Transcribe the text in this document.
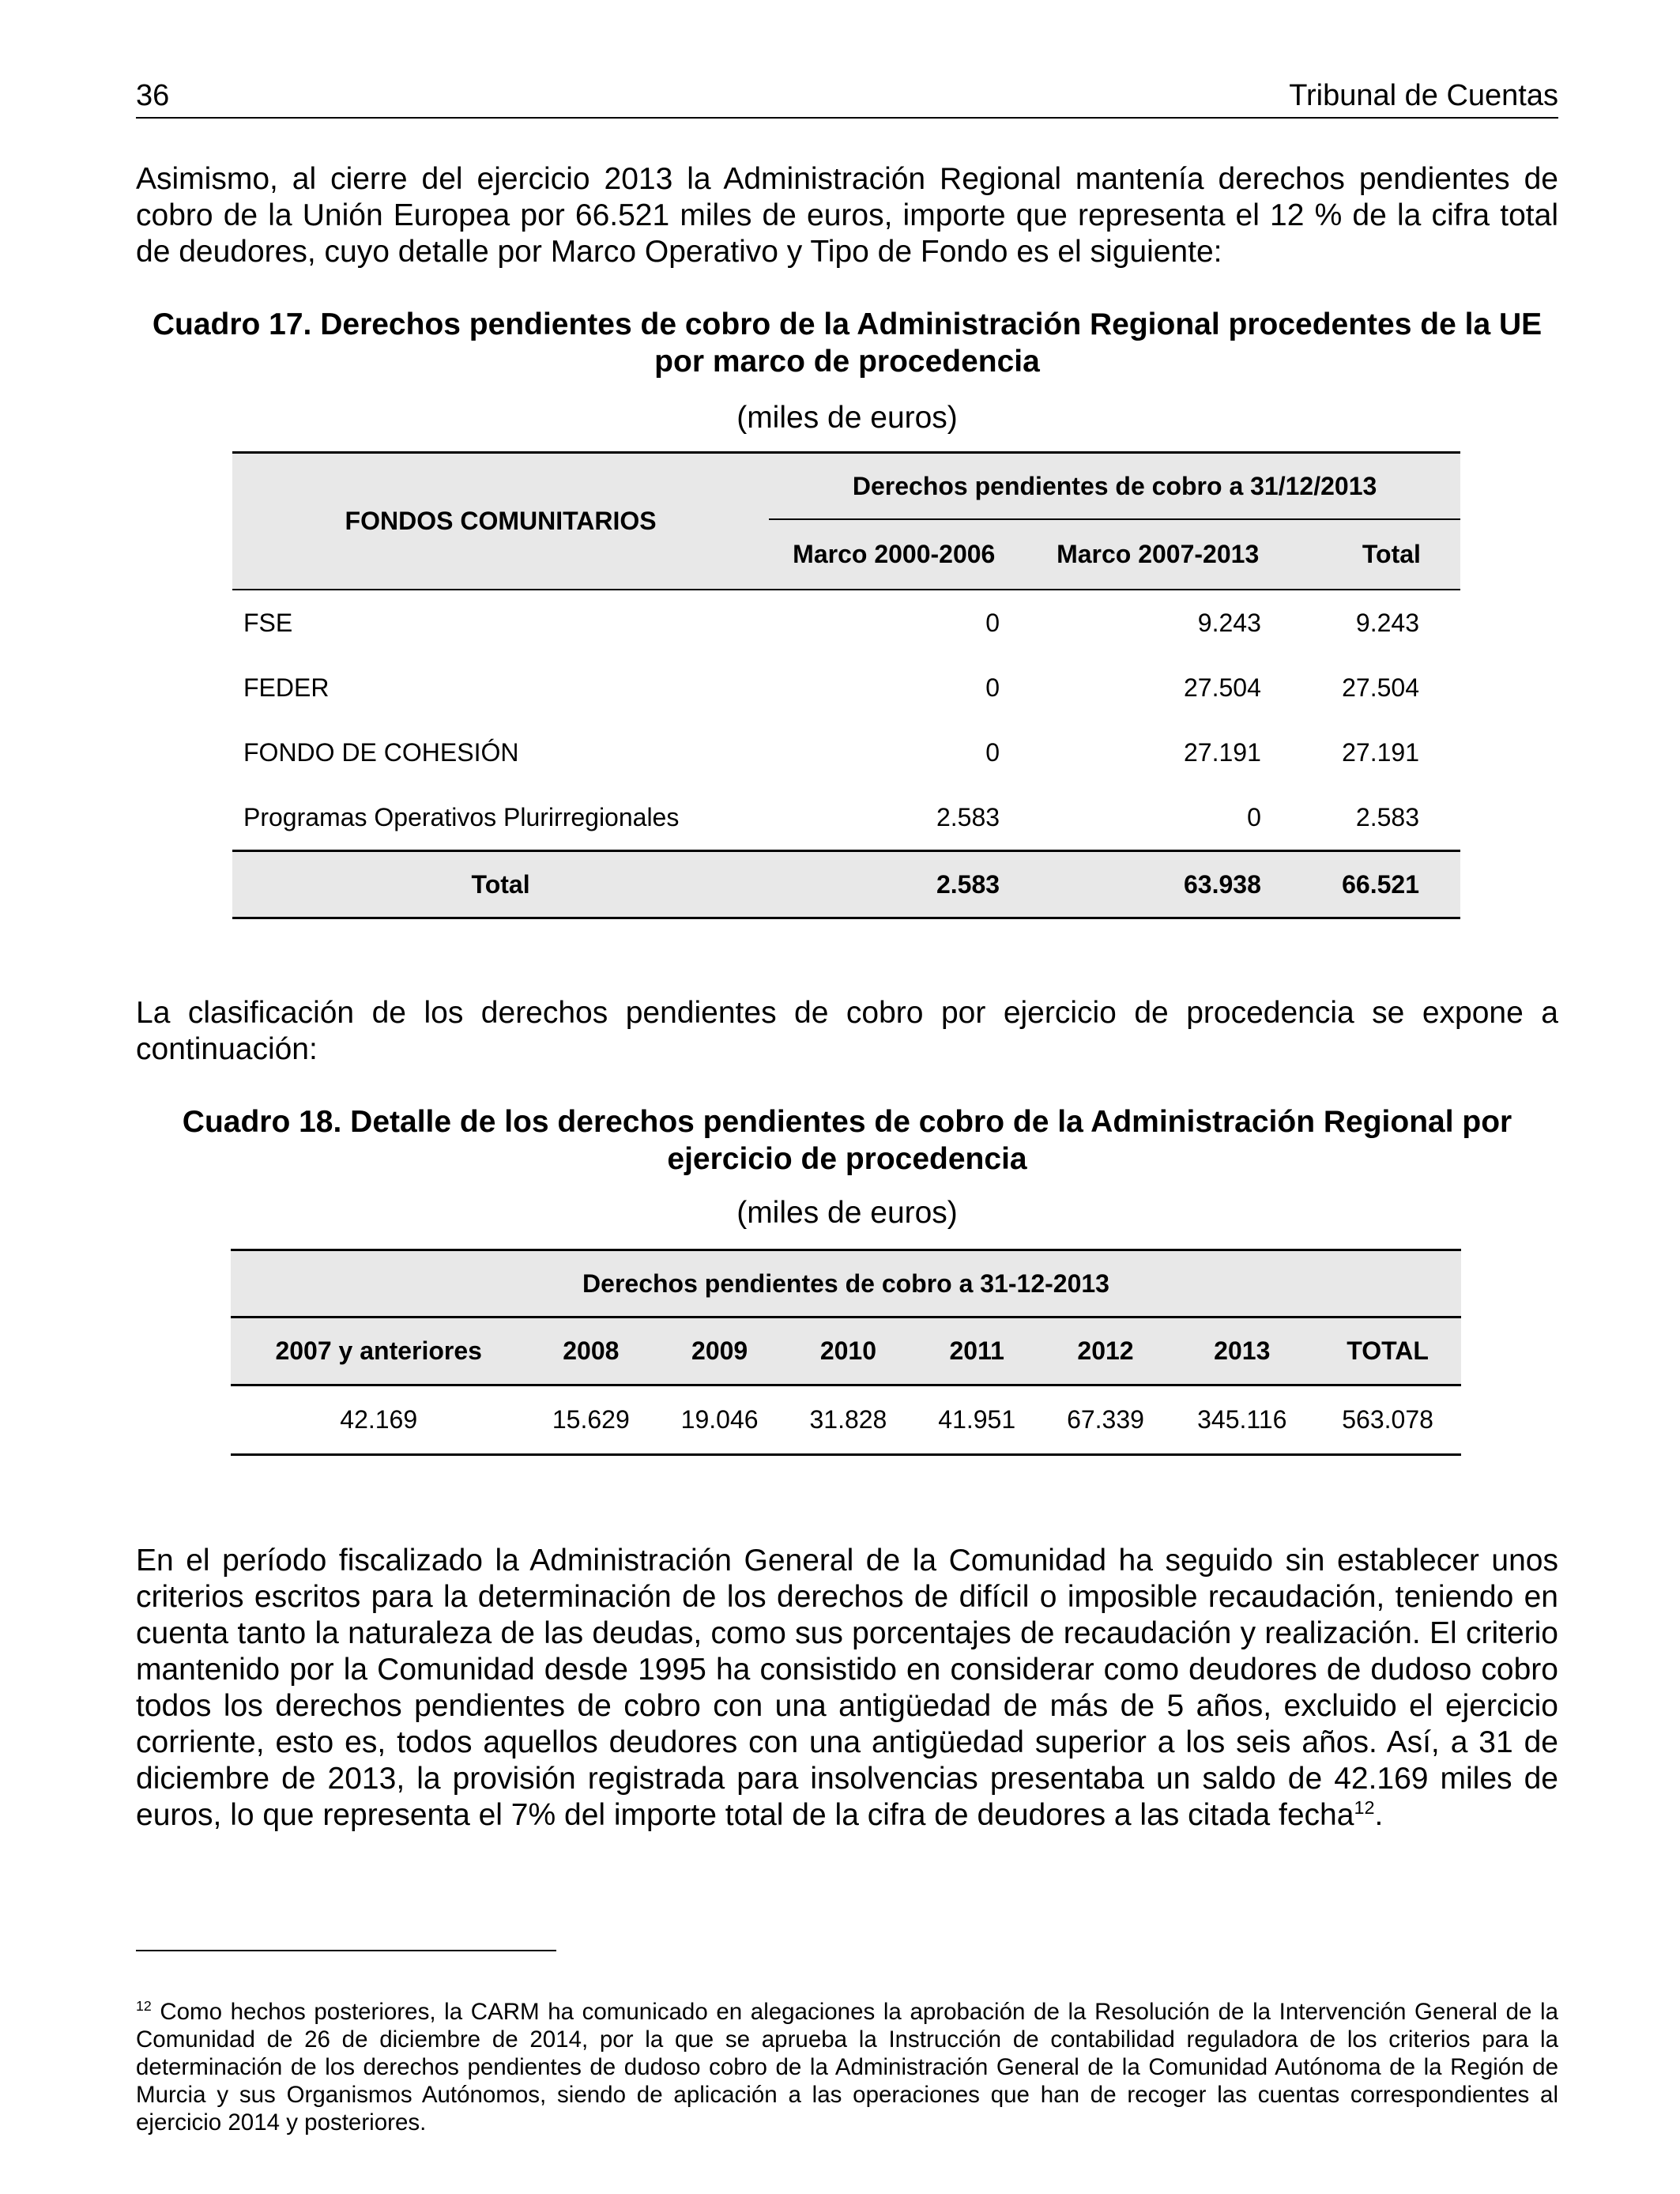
36	Tribunal de Cuentas

Asimismo, al cierre del ejercicio 2013 la Administración Regional mantenía derechos pendientes de cobro de la Unión Europea por 66.521 miles de euros, importe que representa el 12 % de la cifra total de deudores, cuyo detalle por Marco Operativo y Tipo de Fondo es el siguiente:

Cuadro 17. Derechos pendientes de cobro de la Administración Regional procedentes de la UE por marco de procedencia

(miles de euros)
FONDOS COMUNITARIOS	Derechos pendientes de cobro a 31/12/2013		
	Marco 2000-2006	Marco 2007-2013	Total
FSE	0	9.243	9.243
FEDER	0	27.504	27.504
FONDO DE COHESIÓN	0	27.191	27.191
Programas Operativos Plurirregionales	2.583	0	2.583
Total	2.583	63.938	66.521

La clasificación de los derechos pendientes de cobro por ejercicio de procedencia se expone a continuación:

Cuadro 18. Detalle de los derechos pendientes de cobro de la Administración Regional por ejercicio de procedencia

(miles de euros)
Derechos pendientes de cobro a 31-12-2013							
2007 y anteriores	2008	2009	2010	2011	2012	2013	TOTAL
42.169	15.629	19.046	31.828	41.951	67.339	345.116	563.078

En el período fiscalizado la Administración General de la Comunidad ha seguido sin establecer unos criterios escritos para la determinación de los derechos de difícil o imposible recaudación, teniendo en cuenta tanto la naturaleza de las deudas, como sus porcentajes de recaudación y realización. El criterio mantenido por la Comunidad desde 1995 ha consistido en considerar como deudores de dudoso cobro todos los derechos pendientes de cobro con una antigüedad de más de 5 años, excluido el ejercicio corriente, esto es, todos aquellos deudores con una antigüedad superior a los seis años. Así, a 31 de diciembre de 2013, la provisión registrada para insolvencias presentaba un saldo de 42.169 miles de euros, lo que representa el 7% del importe total de la cifra de deudores a las citada fecha$^{12}$.

$^{12}$ Como hechos posteriores, la CARM ha comunicado en alegaciones la aprobación de la Resolución de la Intervención General de la Comunidad de 26 de diciembre de 2014, por la que se aprueba la Instrucción de contabilidad reguladora de los criterios para la determinación de los derechos pendientes de dudoso cobro de la Administración General de la Comunidad Autónoma de la Región de Murcia y sus Organismos Autónomos, siendo de aplicación a las operaciones que han de recoger las cuentas correspondientes al ejercicio 2014 y posteriores.
